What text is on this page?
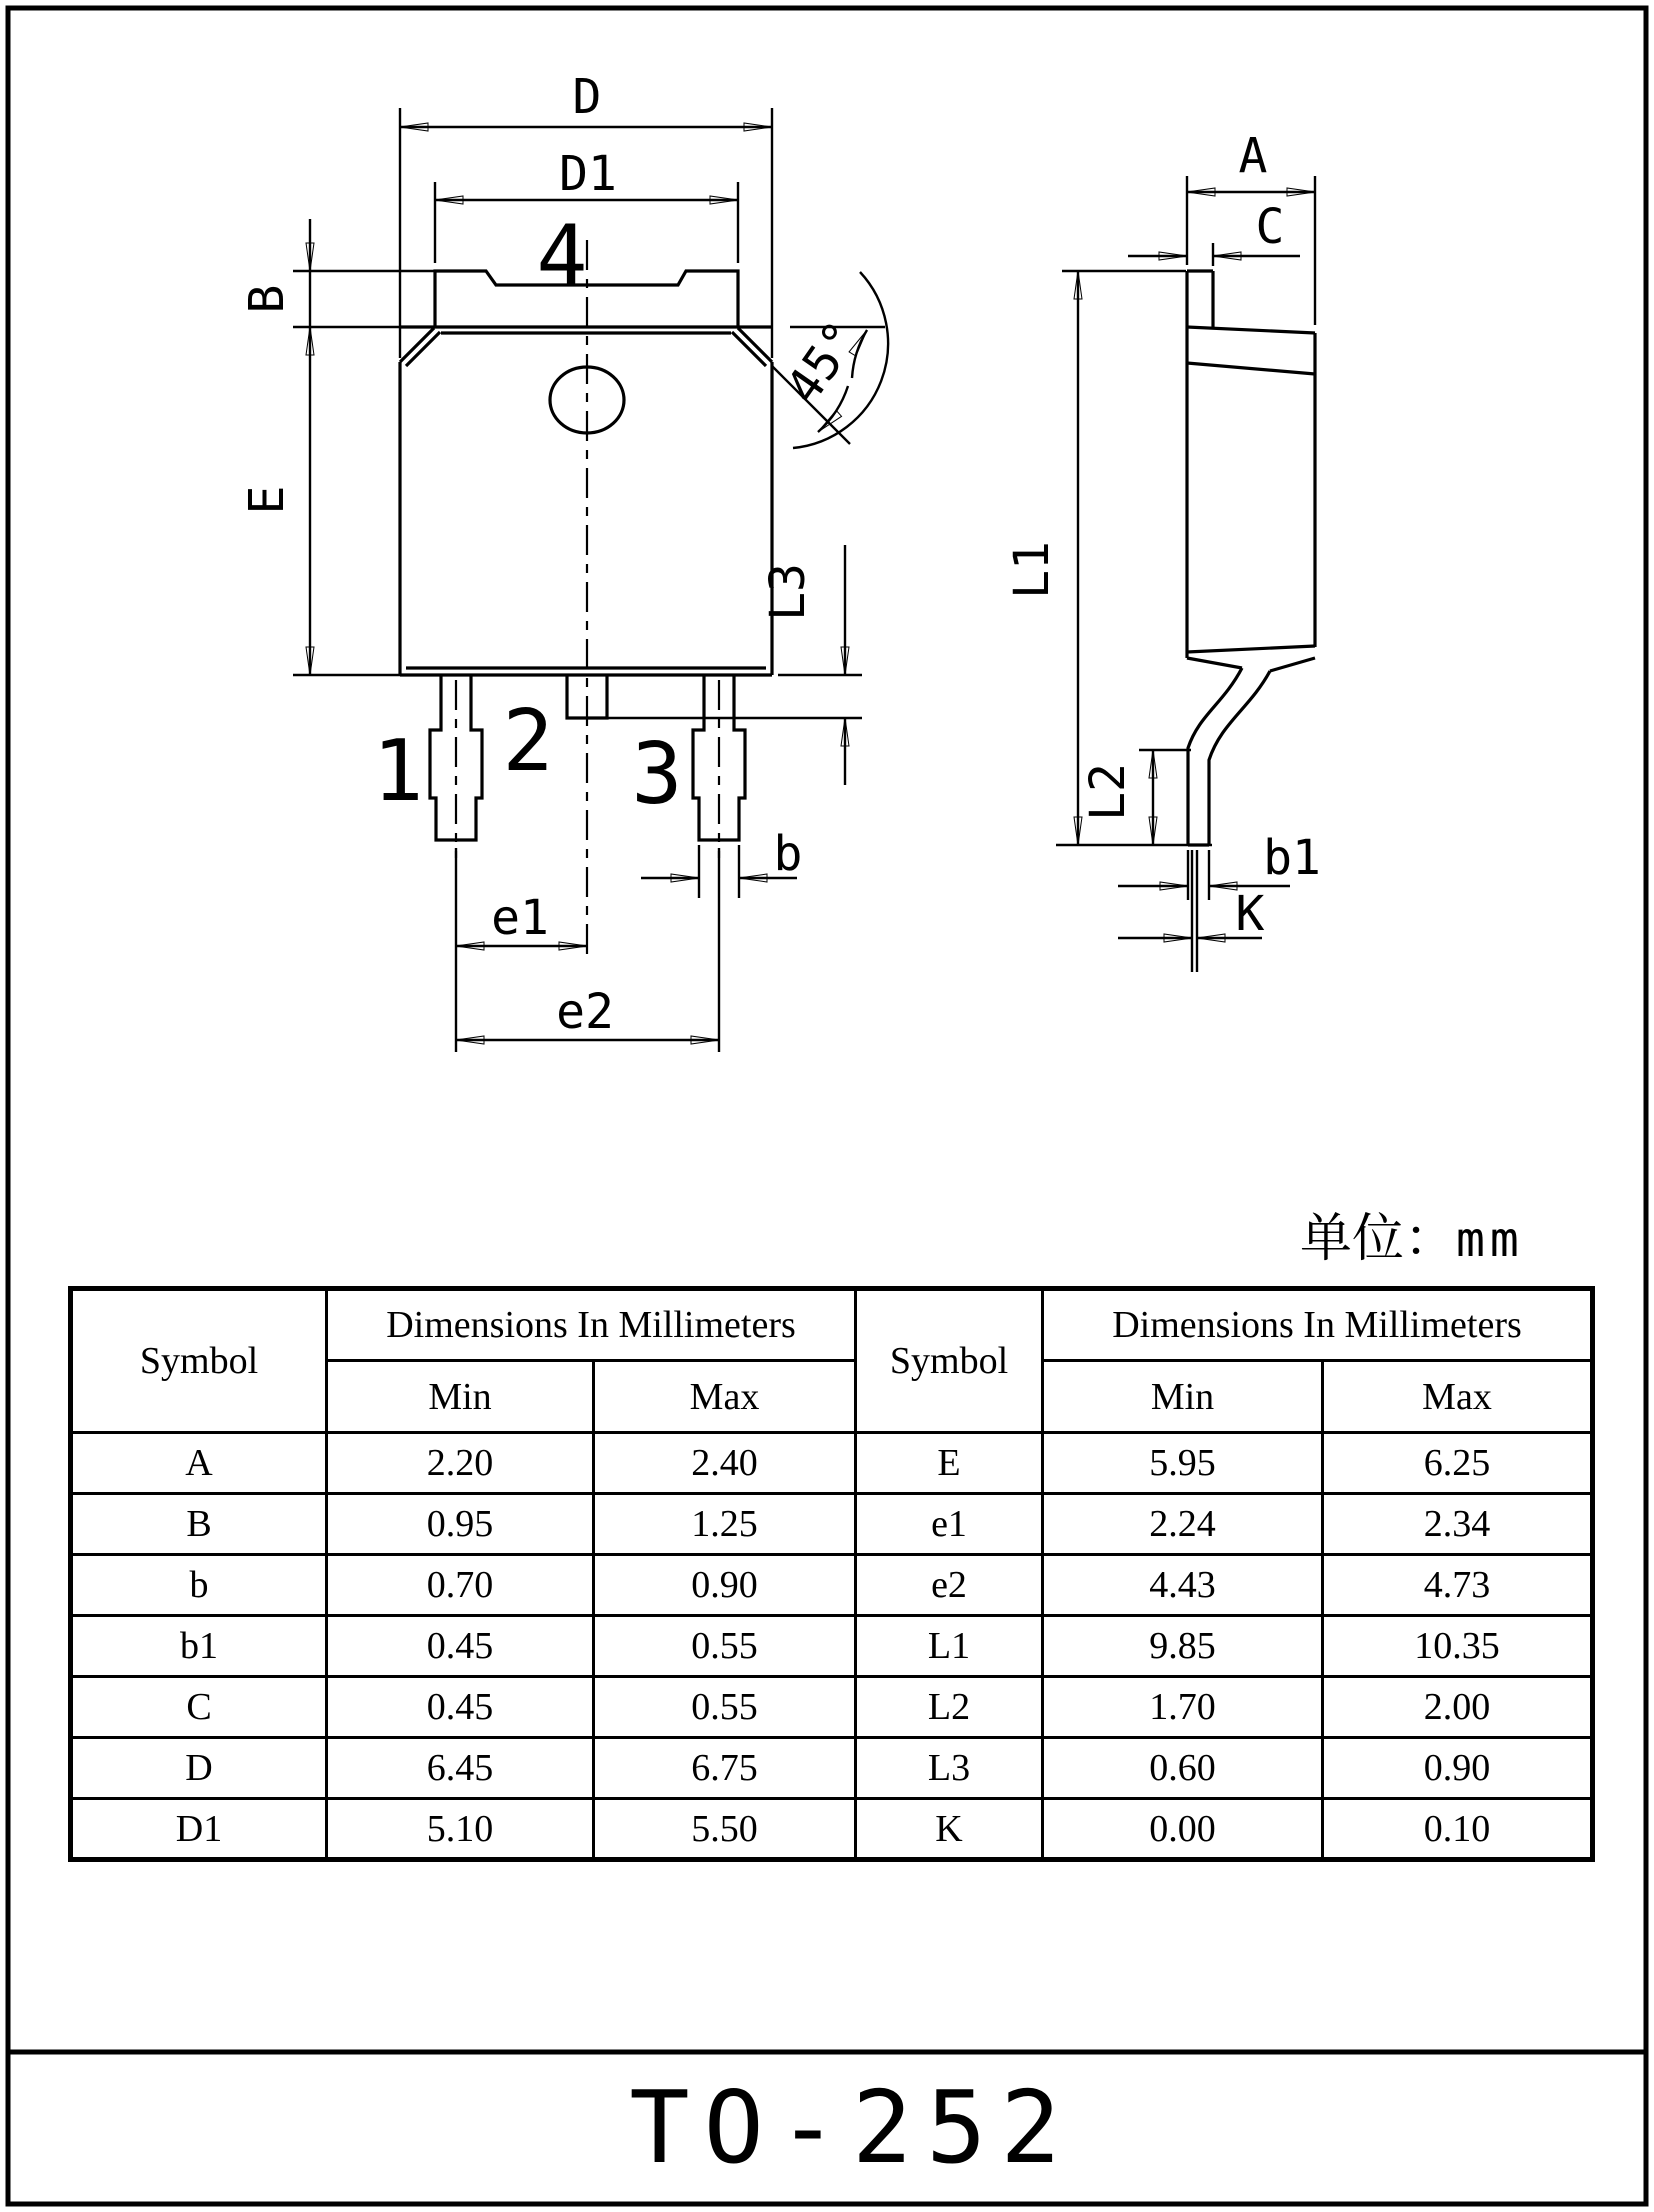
D
D1
B
E
45°
L3
b
e1
e2
4
1 2 3
A
C
L1
L2
b1
K
TO-252
单位：mm
Symbol	Dimensions In Millimeters		Symbol	Dimensions In Millimeters	
	Min	Max		Min	Max
A	2.20	2.40	E	5.95	6.25
B	0.95	1.25	e1	2.24	2.34
b	0.70	0.90	e2	4.43	4.73
b1	0.45	0.55	L1	9.85	10.35
C	0.45	0.55	L2	1.70	2.00
D	6.45	6.75	L3	0.60	0.90
D1	5.10	5.50	K	0.00	0.10
